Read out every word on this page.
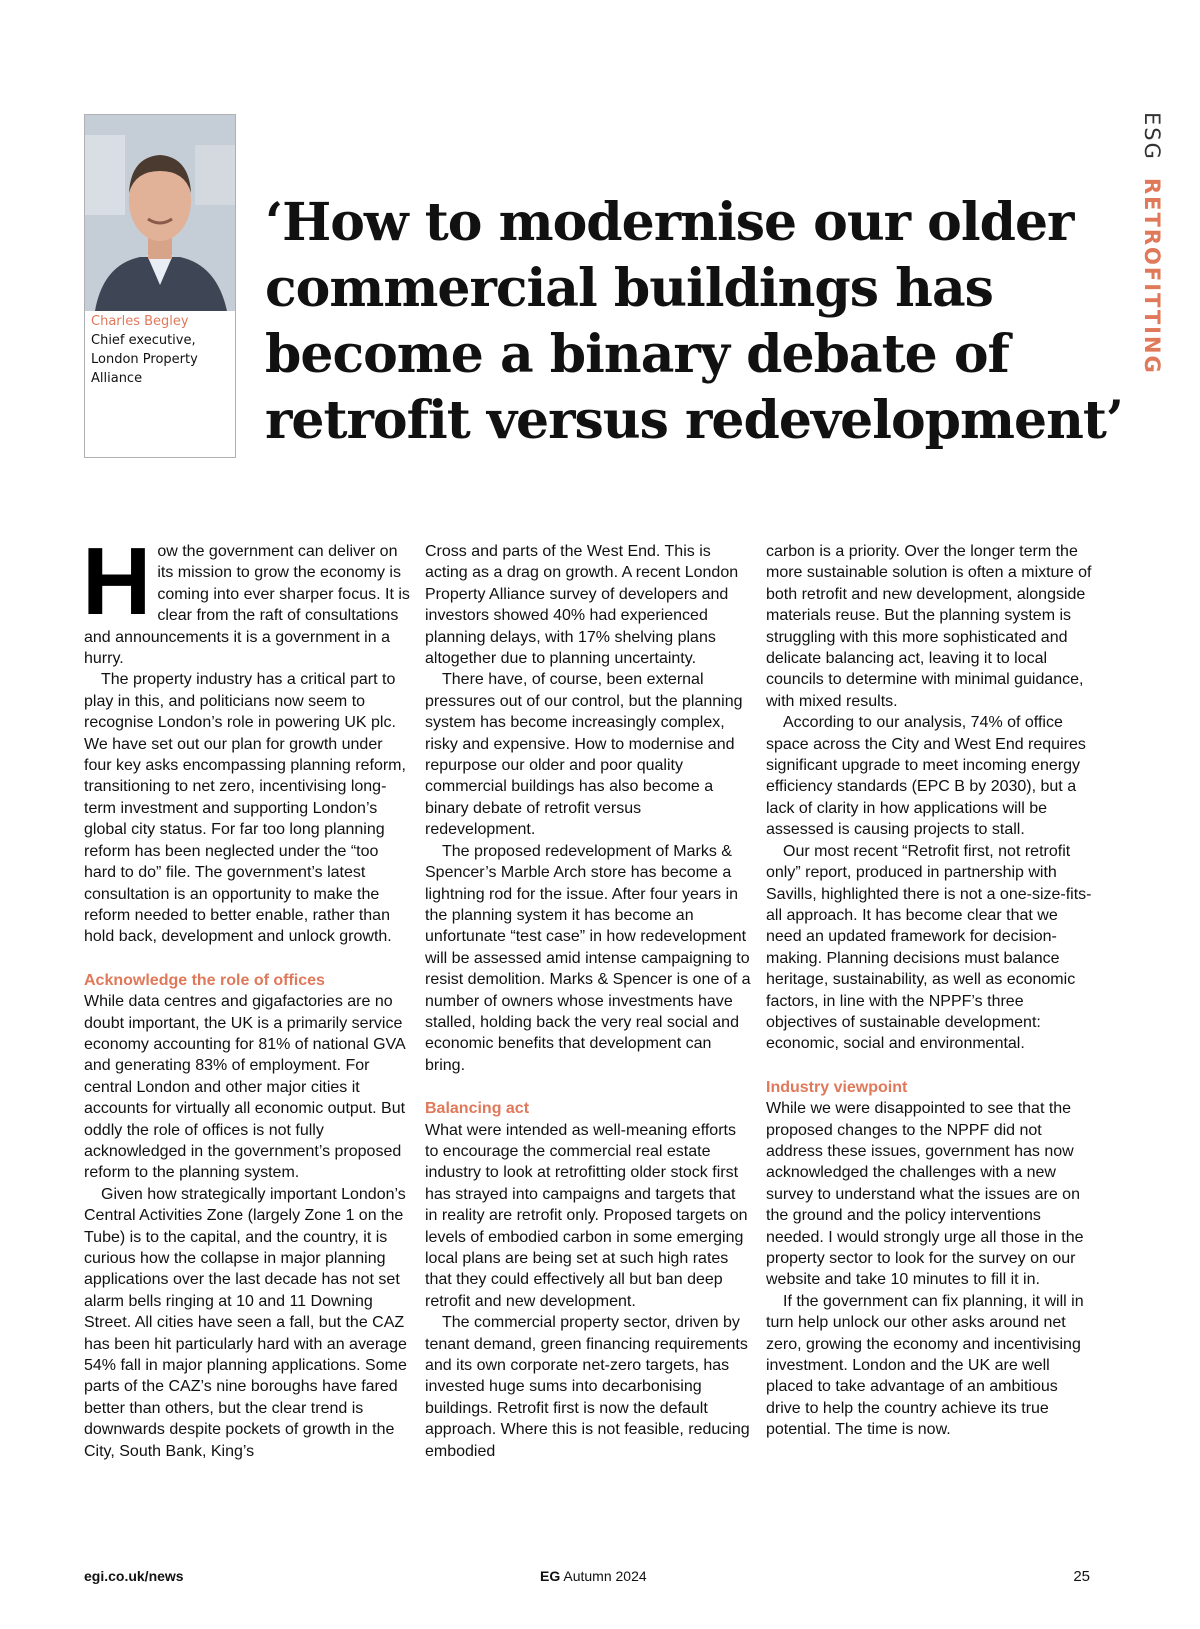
ESG RETROFITTING
Charles Begley
Chief executive,
London Property
Alliance
‘How to modernise our older commercial buildings has become a binary debate of retrofit versus redevelopment’

How the government can deliver on its mission to grow the economy is coming into ever sharper focus. It is clear from the raft of consultations and announcements it is a government in a hurry.

The property industry has a critical part to play in this, and politicians now seem to recognise London’s role in powering UK plc. We have set out our plan for growth under four key asks encompassing planning reform, transitioning to net zero, incentivising long-term investment and supporting London’s global city status. For far too long planning reform has been neglected under the “too hard to do” file. The government’s latest consultation is an opportunity to make the reform needed to better enable, rather than hold back, development and unlock growth.

Acknowledge the role of offices

While data centres and gigafactories are no doubt important, the UK is a primarily service economy accounting for 81% of national GVA and generating 83% of employment. For central London and other major cities it accounts for virtually all economic output. But oddly the role of offices is not fully acknowledged in the government’s proposed reform to the planning system.

Given how strategically important London’s Central Activities Zone (largely Zone 1 on the Tube) is to the capital, and the country, it is curious how the collapse in major planning applications over the last decade has not set alarm bells ringing at 10 and 11 Downing Street. All cities have seen a fall, but the CAZ has been hit particularly hard with an average 54% fall in major planning applications. Some parts of the CAZ’s nine boroughs have fared better than others, but the clear trend is downwards despite pockets of growth in the City, South Bank, King’s

Cross and parts of the West End. This is acting as a drag on growth. A recent London Property Alliance survey of developers and investors showed 40% had experienced planning delays, with 17% shelving plans altogether due to planning uncertainty.

There have, of course, been external pressures out of our control, but the planning system has become increasingly complex, risky and expensive. How to modernise and repurpose our older and poor quality commercial buildings has also become a binary debate of retrofit versus redevelopment.

The proposed redevelopment of Marks & Spencer’s Marble Arch store has become a lightning rod for the issue. After four years in the planning system it has become an unfortunate “test case” in how redevelopment will be assessed amid intense campaigning to resist demolition. Marks & Spencer is one of a number of owners whose investments have stalled, holding back the very real social and economic benefits that development can bring.

Balancing act

What were intended as well-meaning efforts to encourage the commercial real estate industry to look at retrofitting older stock first has strayed into campaigns and targets that in reality are retrofit only. Proposed targets on levels of embodied carbon in some emerging local plans are being set at such high rates that they could effectively all but ban deep retrofit and new development.

The commercial property sector, driven by tenant demand, green financing requirements and its own corporate net-zero targets, has invested huge sums into decarbonising buildings. Retrofit first is now the default approach. Where this is not feasible, reducing embodied

carbon is a priority. Over the longer term the more sustainable solution is often a mixture of both retrofit and new development, alongside materials reuse. But the planning system is struggling with this more sophisticated and delicate balancing act, leaving it to local councils to determine with minimal guidance, with mixed results.

According to our analysis, 74% of office space across the City and West End requires significant upgrade to meet incoming energy efficiency standards (EPC B by 2030), but a lack of clarity in how applications will be assessed is causing projects to stall.

Our most recent “Retrofit first, not retrofit only” report, produced in partnership with Savills, highlighted there is not a one-size-fits-all approach. It has become clear that we need an updated framework for decision-making. Planning decisions must balance heritage, sustainability, as well as economic factors, in line with the NPPF’s three objectives of sustainable development: economic, social and environmental.

Industry viewpoint

While we were disappointed to see that the proposed changes to the NPPF did not address these issues, government has now acknowledged the challenges with a new survey to understand what the issues are on the ground and the policy interventions needed. I would strongly urge all those in the property sector to look for the survey on our website and take 10 minutes to fill it in.

If the government can fix planning, it will in turn help unlock our other asks around net zero, growing the economy and incentivising investment. London and the UK are well placed to take advantage of an ambitious drive to help the country achieve its true potential. The time is now.

egi.co.uk/news	EG Autumn 2024	25
